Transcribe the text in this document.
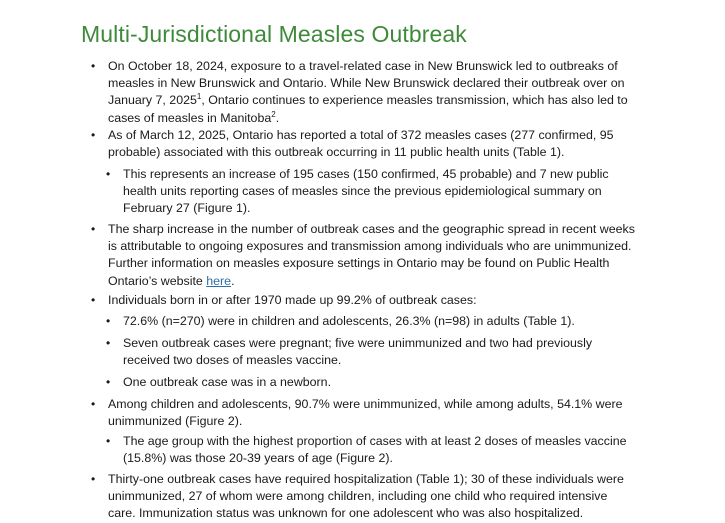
Multi-Jurisdictional Measles Outbreak
• On October 18, 2024, exposure to a travel-related case in New Brunswick led to outbreaks of measles in New Brunswick and Ontario. While New Brunswick declared their outbreak over on January 7, 2025$^1$, Ontario continues to experience measles transmission, which has also led to cases of measles in Manitoba$^2$.
• As of March 12, 2025, Ontario has reported a total of 372 measles cases (277 confirmed, 95 probable) associated with this outbreak occurring in 11 public health units (Table 1).
• This represents an increase of 195 cases (150 confirmed, 45 probable) and 7 new public health units reporting cases of measles since the previous epidemiological summary on February 27 (Figure 1).
• The sharp increase in the number of outbreak cases and the geographic spread in recent weeks is attributable to ongoing exposures and transmission among individuals who are unimmunized. Further information on measles exposure settings in Ontario may be found on Public Health Ontario’s website here.
• Individuals born in or after 1970 made up 99.2% of outbreak cases:
• 72.6% (n=270) were in children and adolescents, 26.3% (n=98) in adults (Table 1).
• Seven outbreak cases were pregnant; five were unimmunized and two had previously received two doses of measles vaccine.
• One outbreak case was in a newborn.
• Among children and adolescents, 90.7% were unimmunized, while among adults, 54.1% were unimmunized (Figure 2).
• The age group with the highest proportion of cases with at least 2 doses of measles vaccine (15.8%) was those 20-39 years of age (Figure 2).
• Thirty-one outbreak cases have required hospitalization (Table 1); 30 of these individuals were unimmunized, 27 of whom were among children, including one child who required intensive care. Immunization status was unknown for one adolescent who was also hospitalized.
